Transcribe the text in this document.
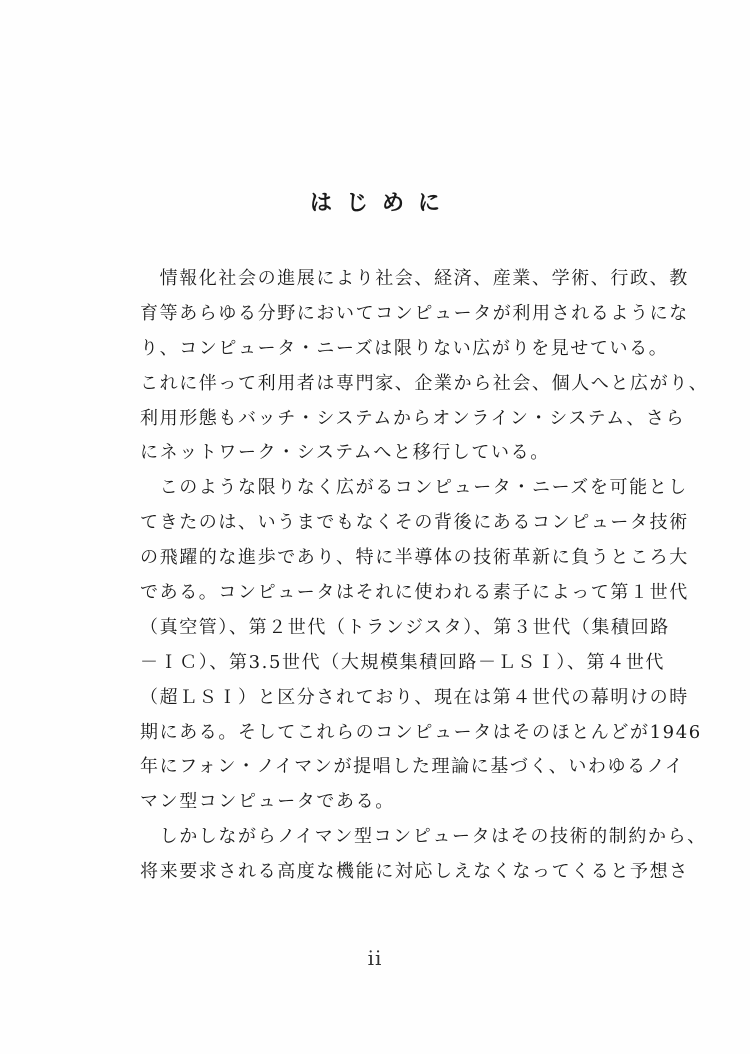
はじめに
　情報化社会の進展により社会、経済、産業、学術、行政、教
育等あらゆる分野においてコンピュータが利用されるようにな
り、コンピュータ・ニーズは限りない広がりを見せている。
これに伴って利用者は専門家、企業から社会、個人へと広がり、
利用形態もバッチ・システムからオンライン・システム、さら
にネットワーク・システムへと移行している。
　このような限りなく広がるコンピュータ・ニーズを可能とし
てきたのは、いうまでもなくその背後にあるコンピュータ技術
の飛躍的な進歩であり、特に半導体の技術革新に負うところ大
である。コンピュータはそれに使われる素子によって第１世代
（真空管）、第２世代（トランジスタ）、第３世代（集積回路
－ＩＣ）、第3.5世代（大規模集積回路－ＬＳＩ）、第４世代
（超ＬＳＩ）と区分されており、現在は第４世代の幕明けの時
期にある。そしてこれらのコンピュータはそのほとんどが1946
年にフォン・ノイマンが提唱した理論に基づく、いわゆるノイ
マン型コンピュータである。
　しかしながらノイマン型コンピュータはその技術的制約から、
将来要求される高度な機能に対応しえなくなってくると予想さ
ii
